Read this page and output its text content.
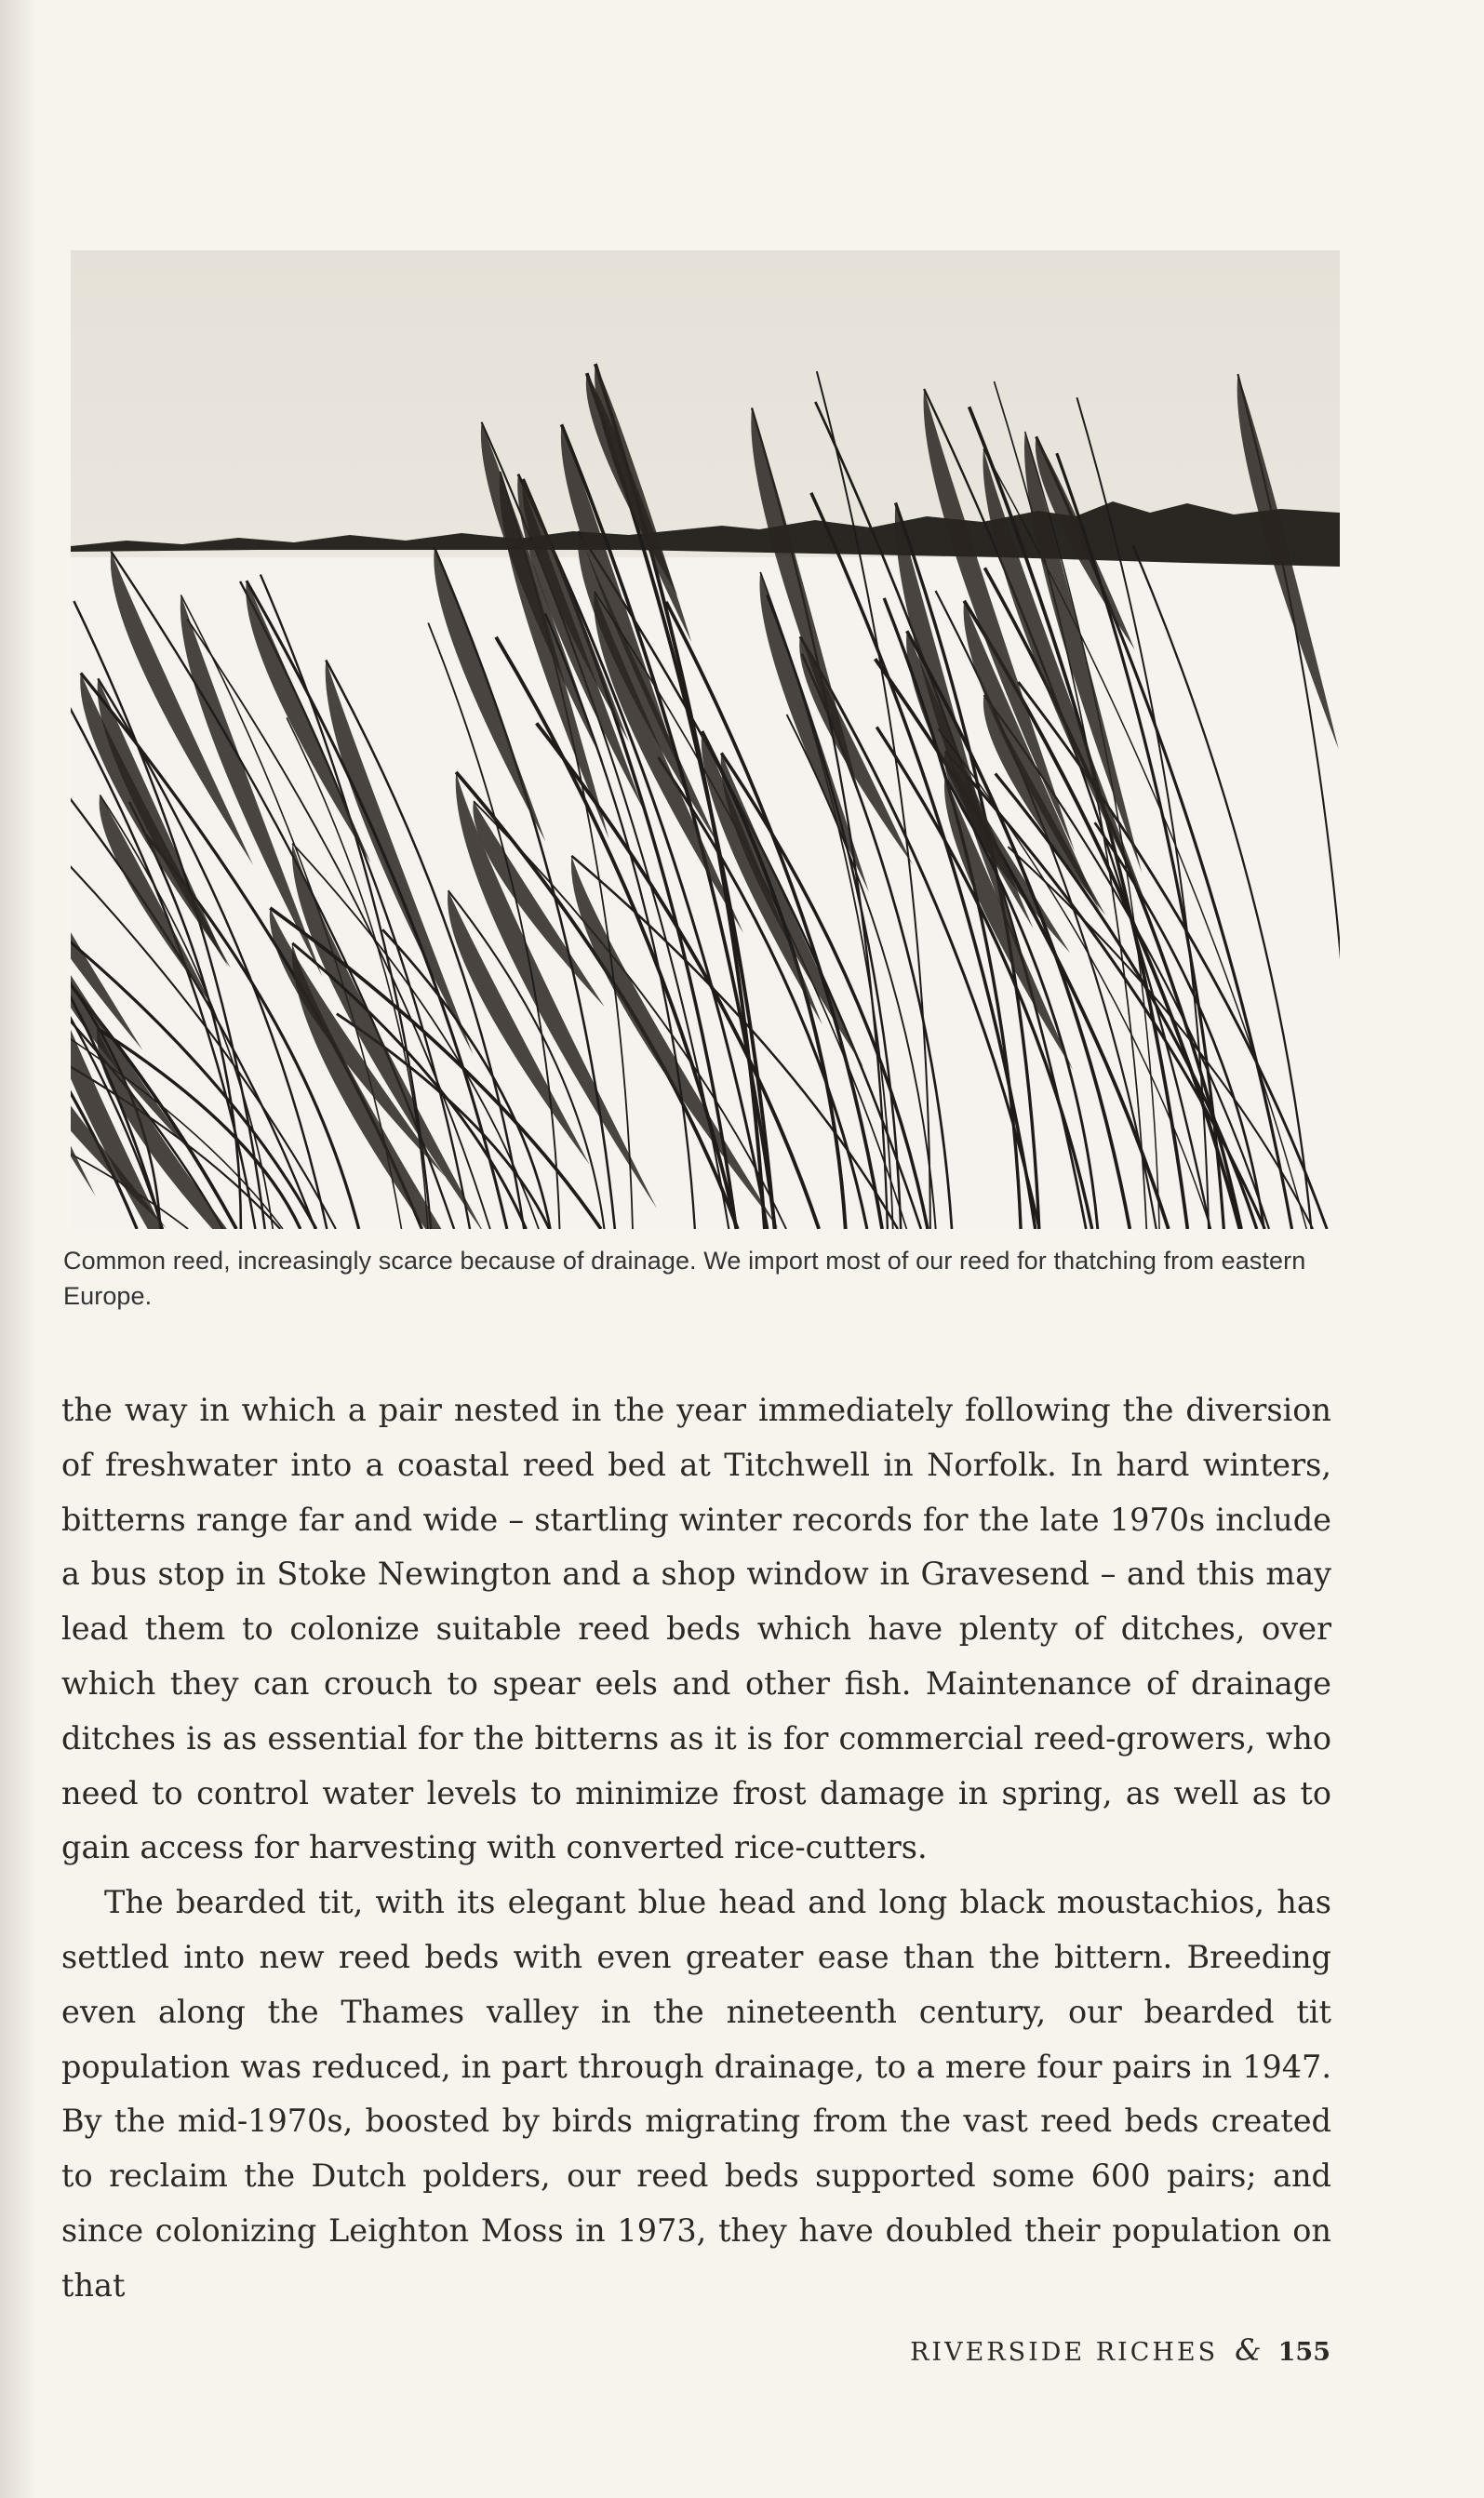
Common reed, increasingly scarce because of drainage. We import most of our reed for thatching from eastern Europe.

the way in which a pair nested in the year immediately following the diversion of freshwater into a coastal reed bed at Titchwell in Norfolk. In hard winters, bitterns range far and wide – startling winter records for the late 1970s include a bus stop in Stoke Newington and a shop window in Gravesend – and this may lead them to colonize suitable reed beds which have plenty of ditches, over which they can crouch to spear eels and other fish. Maintenance of drainage ditches is as essential for the bitterns as it is for commercial reed-growers, who need to control water levels to minimize frost damage in spring, as well as to gain access for harvesting with converted rice-cutters.

The bearded tit, with its elegant blue head and long black moustachios, has settled into new reed beds with even greater ease than the bittern. Breeding even along the Thames valley in the nineteenth century, our bearded tit population was reduced, in part through drainage, to a mere four pairs in 1947. By the mid-1970s, boosted by birds migrating from the vast reed beds created to reclaim the Dutch polders, our reed beds supported some 600 pairs; and since colonizing Leighton Moss in 1973, they have doubled their population on that

RIVERSIDE RICHES & 155
